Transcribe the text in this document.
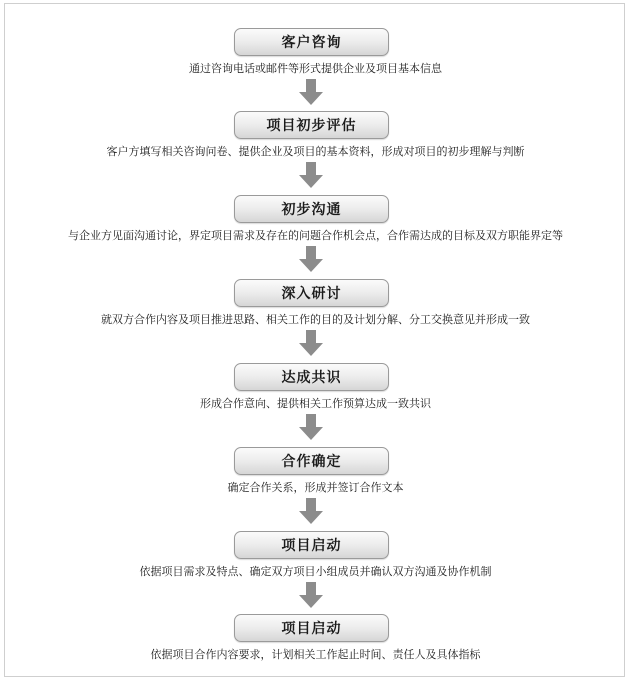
客户咨询
通过咨询电话或邮件等形式提供企业及项目基本信息
项目初步评估
客户方填写相关咨询问卷、提供企业及项目的基本资料，形成对项目的初步理解与判断
初步沟通
与企业方见面沟通讨论，界定项目需求及存在的问题合作机会点，合作需达成的目标及双方职能界定等
深入研讨
就双方合作内容及项目推进思路、相关工作的目的及计划分解、分工交换意见并形成一致
达成共识
形成合作意向、提供相关工作预算达成一致共识
合作确定
确定合作关系，形成并签订合作文本
项目启动
依据项目需求及特点、确定双方项目小组成员并确认双方沟通及协作机制
项目启动
依据项目合作内容要求，计划相关工作起止时间、责任人及具体指标
